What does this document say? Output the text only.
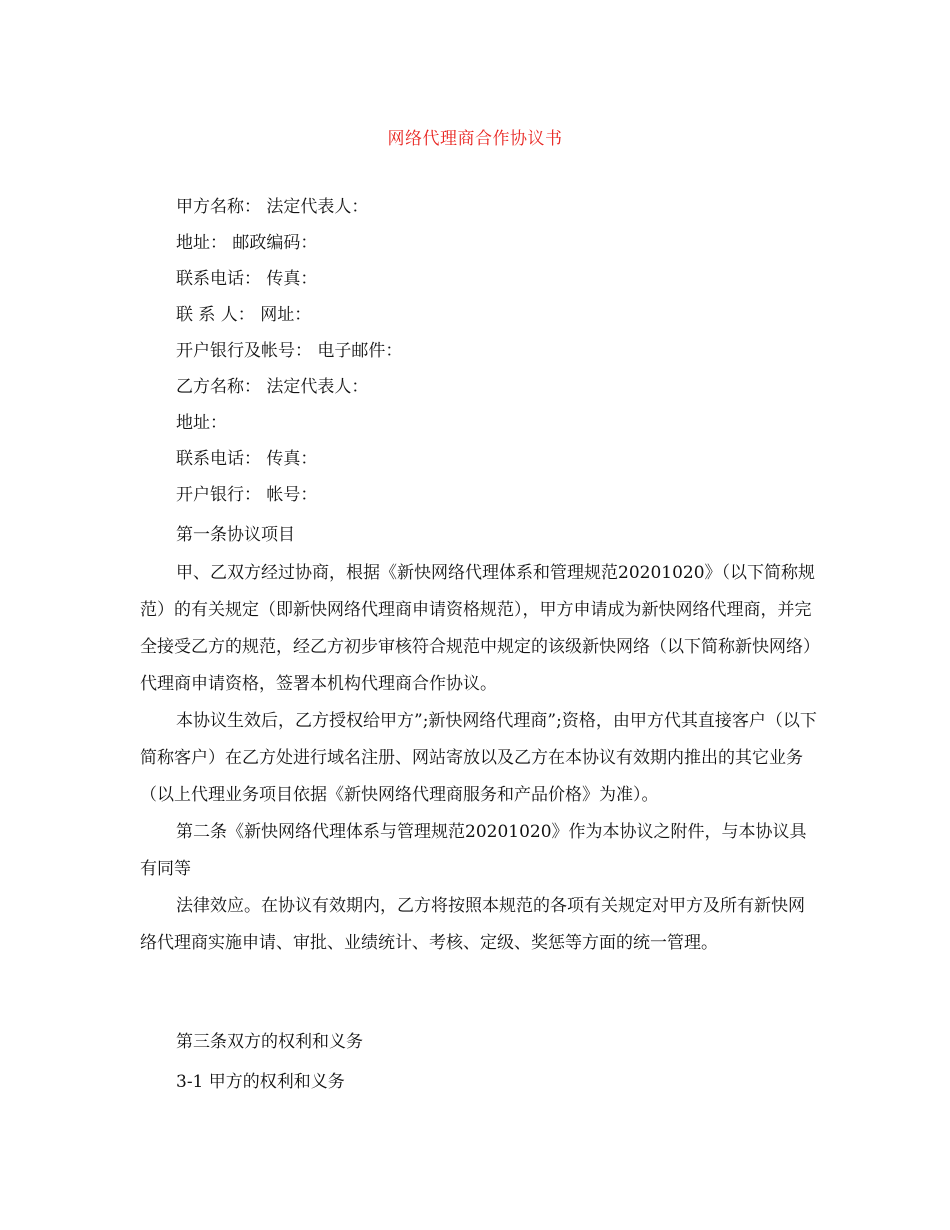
网络代理商合作协议书
甲方名称： 法定代表人：
地址： 邮政编码：
联系电话： 传真：
联 系 人： 网址：
开户银行及帐号： 电子邮件：
乙方名称： 法定代表人：
地址：
联系电话： 传真：
开户银行： 帐号：
第一条协议项目

甲、乙双方经过协商，根据《新快网络代理体系和管理规范20201020》（以下简称规范）的有关规定（即新快网络代理商申请资格规范），甲方申请成为新快网络代理商，并完全接受乙方的规范，经乙方初步审核符合规范中规定的该级新快网络（以下简称新快网络）代理商申请资格，签署本机构代理商合作协议。

本协议生效后，乙方授权给甲方”;新快网络代理商”;资格，由甲方代其直接客户（以下简称客户）在乙方处进行域名注册、网站寄放以及乙方在本协议有效期内推出的其它业务（以上代理业务项目依据《新快网络代理商服务和产品价格》为准）。

第二条《新快网络代理体系与管理规范20201020》作为本协议之附件，与本协议具有同等

法律效应。在协议有效期内，乙方将按照本规范的各项有关规定对甲方及所有新快网络代理商实施申请、审批、业绩统计、考核、定级、奖惩等方面的统一管理。

第三条双方的权利和义务
3-1 甲方的权利和义务
